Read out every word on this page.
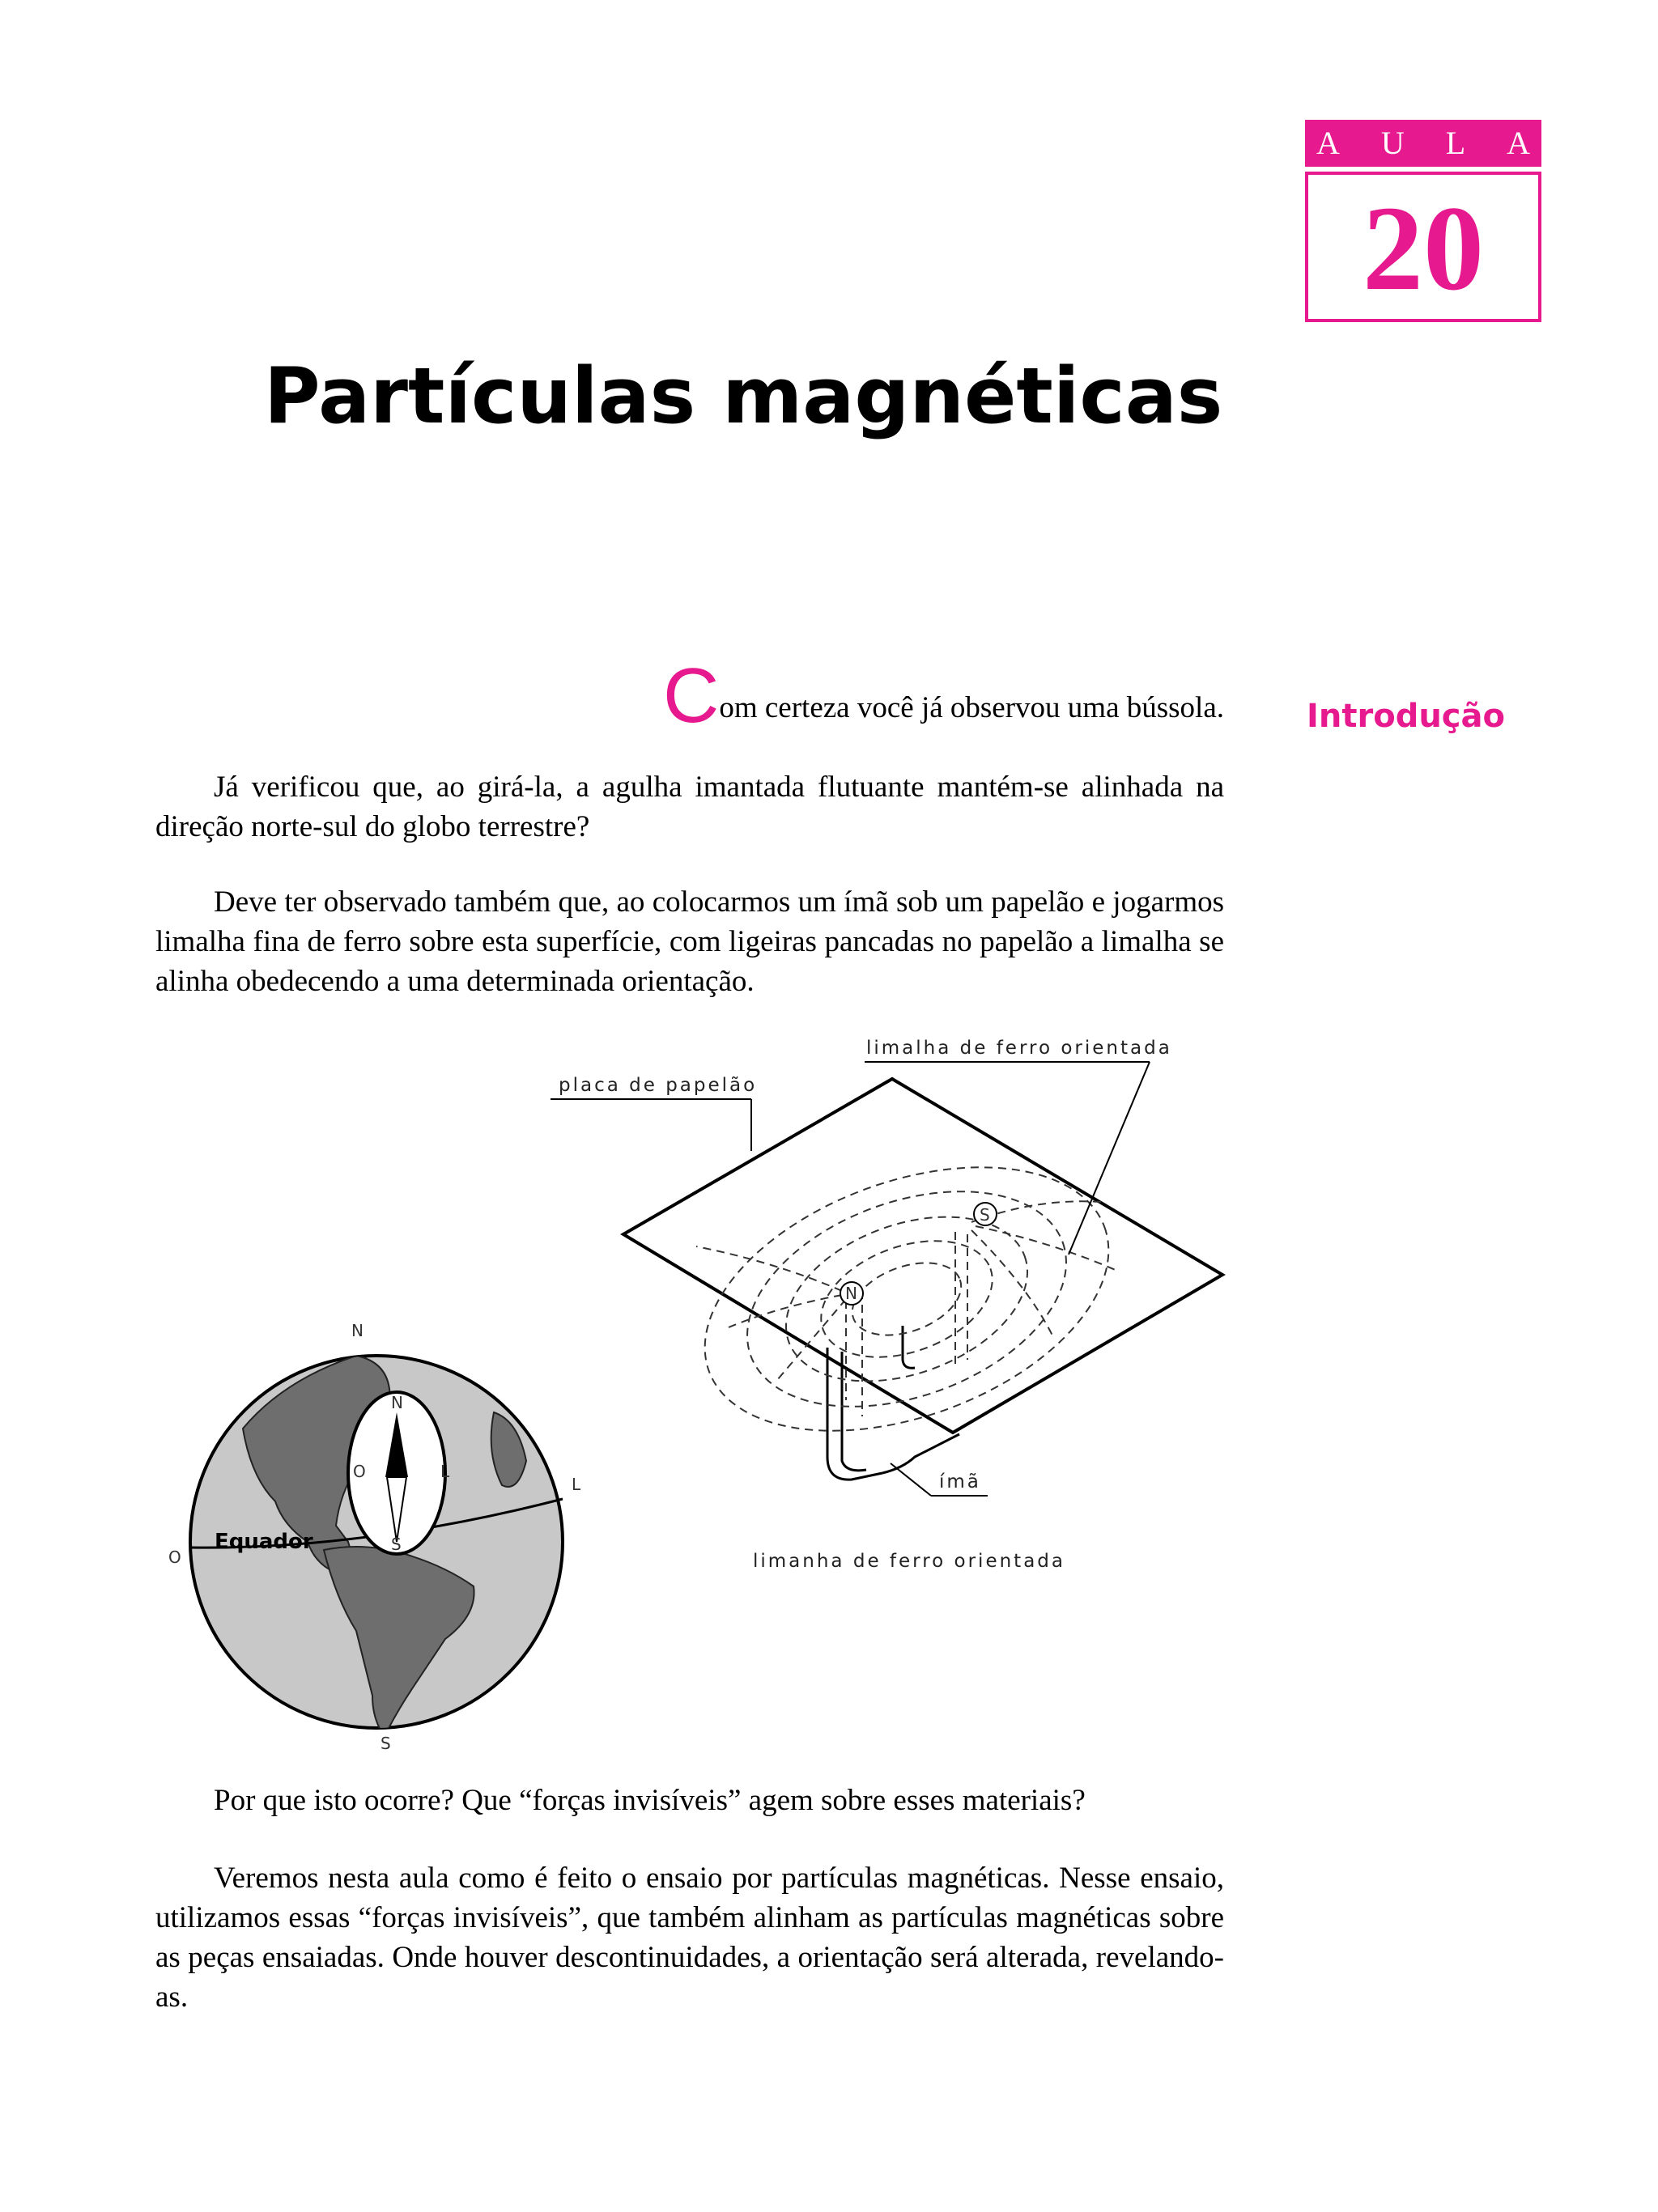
A U L A
20
Partículas magnéticas
Introdução
Com certeza você já observou uma bússola.

Já verificou que, ao girá-la, a agulha imantada flutuante mantém-se alinhada na direção norte-sul do globo terrestre?

Deve ter observado também que, ao colocarmos um ímã sob um papelão e jogarmos limalha fina de ferro sobre esta superfície, com ligeiras pancadas no papelão a limalha se alinha obedecendo a uma determinada orientação.

Por que isto ocorre? Que “forças invisíveis” agem sobre esses materiais?

Veremos nesta aula como é feito o ensaio por partículas magnéticas. Nesse ensaio, utilizamos essas “forças invisíveis”, que também alinham as partículas magnéticas sobre as peças ensaiadas. Onde houver descontinuidades, a orientação será alterada, revelando-as.

N
S
limalha de ferro orientada
placa de papelão
ímã
limanha de ferro orientada
Equador
N
S
L
O
N
S
L
O
